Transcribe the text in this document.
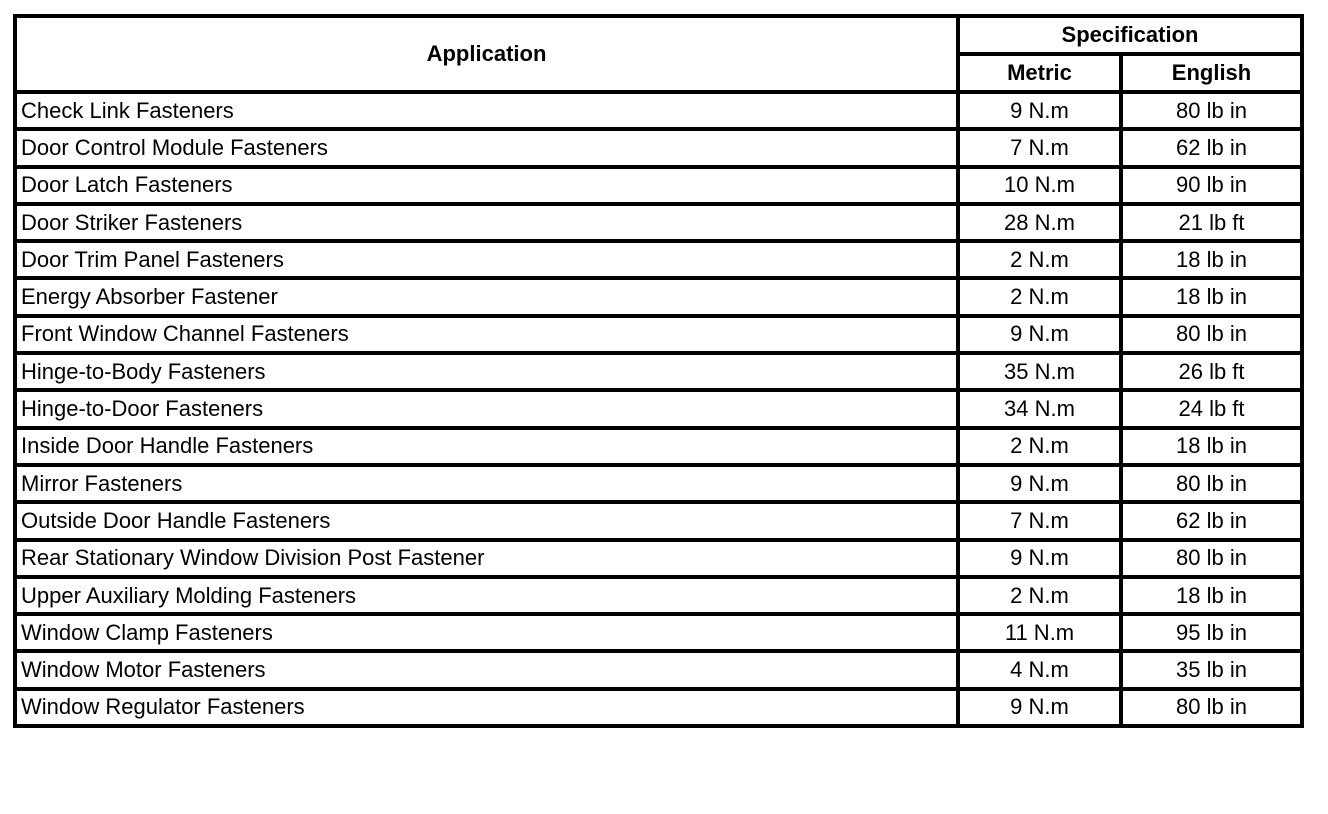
Application	Specification	
	Metric	English
Check Link Fasteners	9 N.m	80 lb in
Door Control Module Fasteners	7 N.m	62 lb in
Door Latch Fasteners	10 N.m	90 lb in
Door Striker Fasteners	28 N.m	21 lb ft
Door Trim Panel Fasteners	2 N.m	18 lb in
Energy Absorber Fastener	2 N.m	18 lb in
Front Window Channel Fasteners	9 N.m	80 lb in
Hinge-to-Body Fasteners	35 N.m	26 lb ft
Hinge-to-Door Fasteners	34 N.m	24 lb ft
Inside Door Handle Fasteners	2 N.m	18 lb in
Mirror Fasteners	9 N.m	80 lb in
Outside Door Handle Fasteners	7 N.m	62 lb in
Rear Stationary Window Division Post Fastener	9 N.m	80 lb in
Upper Auxiliary Molding Fasteners	2 N.m	18 lb in
Window Clamp Fasteners	11 N.m	95 lb in
Window Motor Fasteners	4 N.m	35 lb in
Window Regulator Fasteners	9 N.m	80 lb in
